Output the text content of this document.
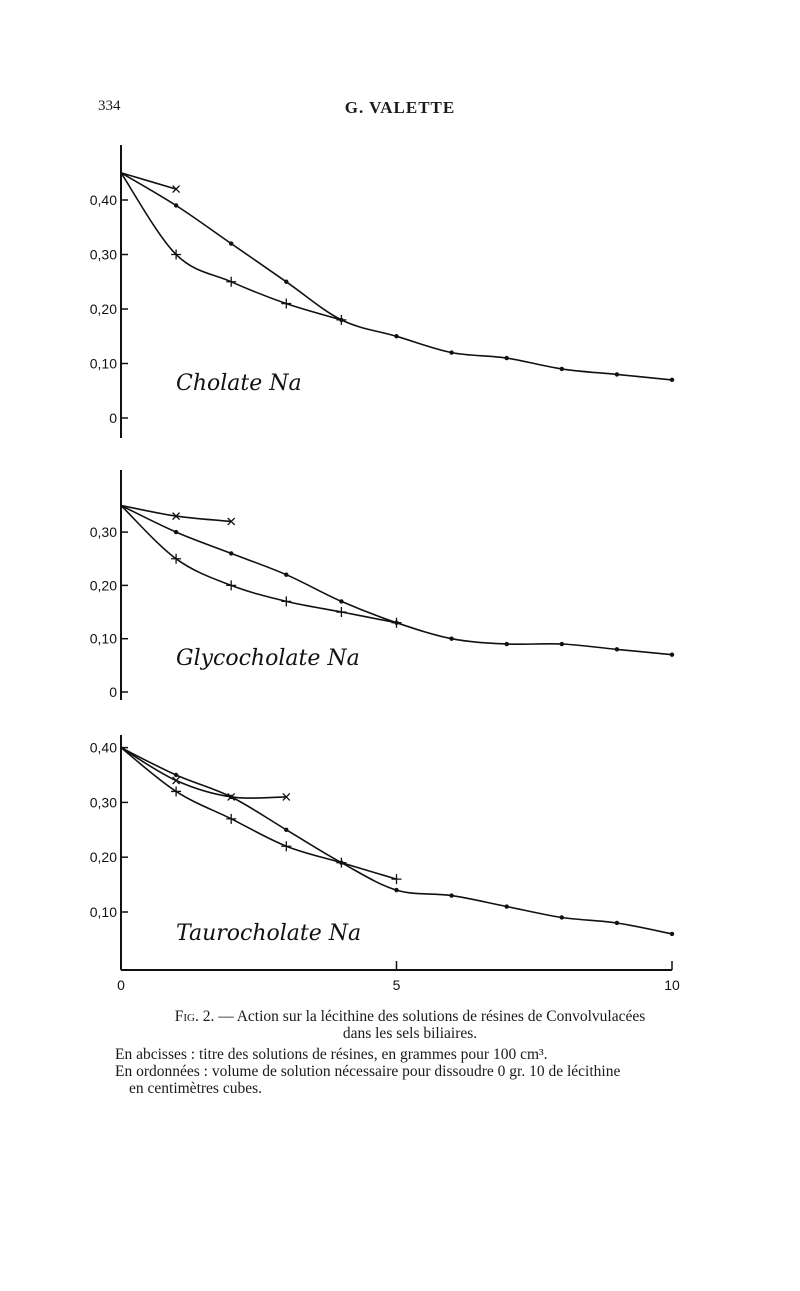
334	G. VALETTE
0,40
0,30
0,20
0,10
0
Cholate Na
0,30
0,20
0,10
0
Glycocholate Na
0,40
0,30
0,20
0,10
0	5	10
Taurocholate Na
Fig. 2. — Action sur la lécithine des solutions de résines de Convolvulacées
dans les sels biliaires.
En abcisses : titre des solutions de résines, en grammes pour 100 cm³.
En ordonnées : volume de solution nécessaire pour dissoudre 0 gr. 10 de lécithine
en centimètres cubes.
